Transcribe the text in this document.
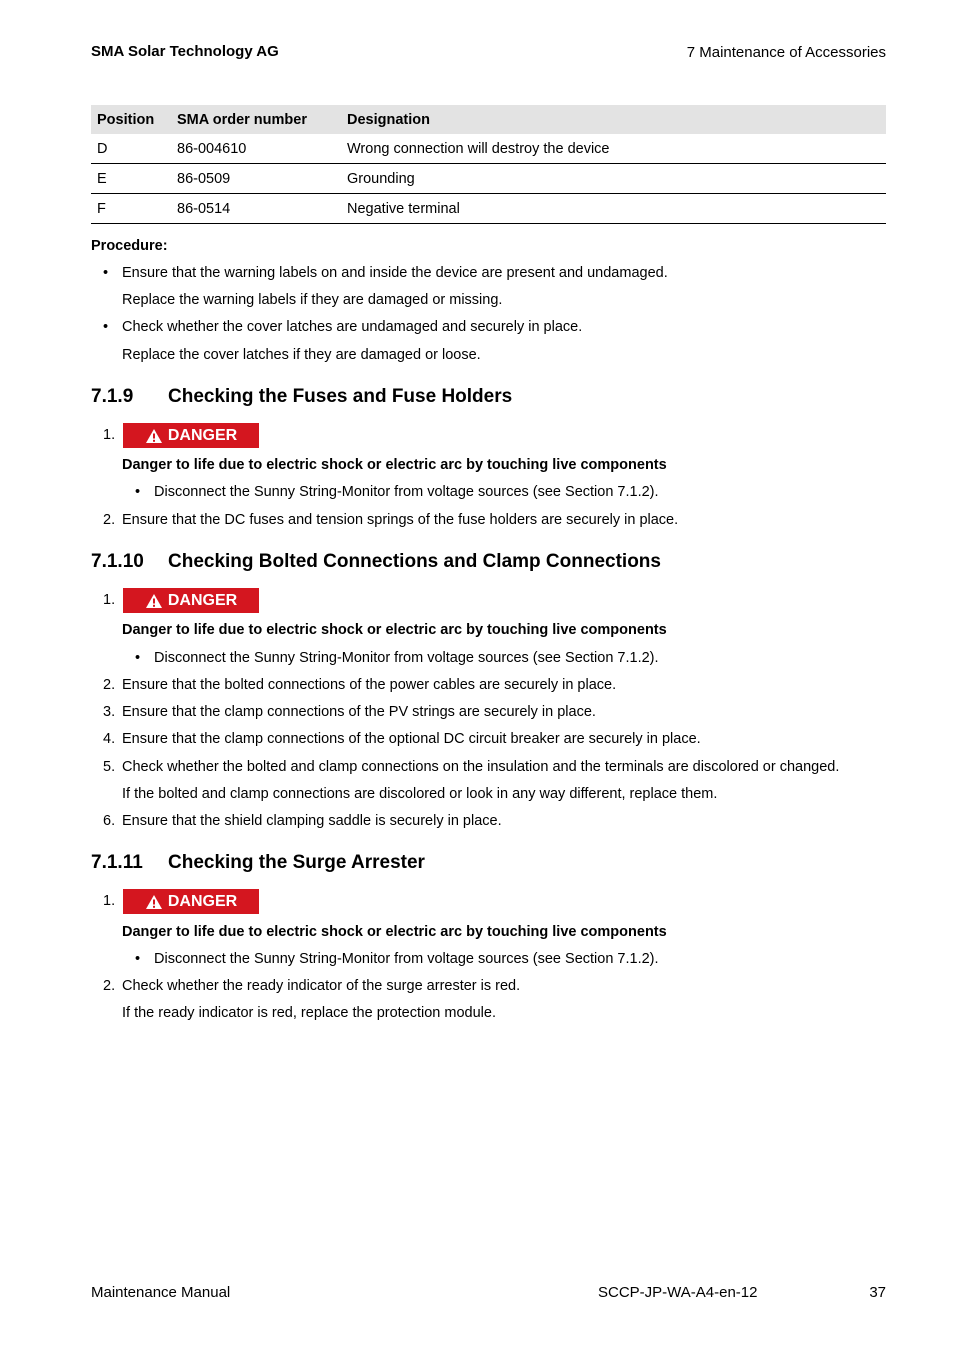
SMA Solar Technology AG	7 Maintenance of Accessories
Position	SMA order number	Designation
D	86-004610	Wrong connection will destroy the device
E	86-0509	Grounding
F	86-0514	Negative terminal
Procedure:
• Ensure that the warning labels on and inside the device are present and undamaged.
Replace the warning labels if they are damaged or missing.
• Check whether the cover latches are undamaged and securely in place.
Replace the cover latches if they are damaged or loose.
7.1.9 Checking the Fuses and Fuse Holders
1.	DANGER
Danger to life due to electric shock or electric arc by touching live components
• Disconnect the Sunny String-Monitor from voltage sources (see Section 7.1.2).
2. Ensure that the DC fuses and tension springs of the fuse holders are securely in place.
7.1.10 Checking Bolted Connections and Clamp Connections
1.	DANGER
Danger to life due to electric shock or electric arc by touching live components
• Disconnect the Sunny String-Monitor from voltage sources (see Section 7.1.2).
2. Ensure that the bolted connections of the power cables are securely in place.
3. Ensure that the clamp connections of the PV strings are securely in place.
4. Ensure that the clamp connections of the optional DC circuit breaker are securely in place.
5. Check whether the bolted and clamp connections on the insulation and the terminals are discolored or changed.
If the bolted and clamp connections are discolored or look in any way different, replace them.
6. Ensure that the shield clamping saddle is securely in place.
7.1.11 Checking the Surge Arrester
1.	DANGER
Danger to life due to electric shock or electric arc by touching live components
• Disconnect the Sunny String-Monitor from voltage sources (see Section 7.1.2).
2. Check whether the ready indicator of the surge arrester is red.
If the ready indicator is red, replace the protection module.
Maintenance Manual	SCCP-JP-WA-A4-en-12	37
